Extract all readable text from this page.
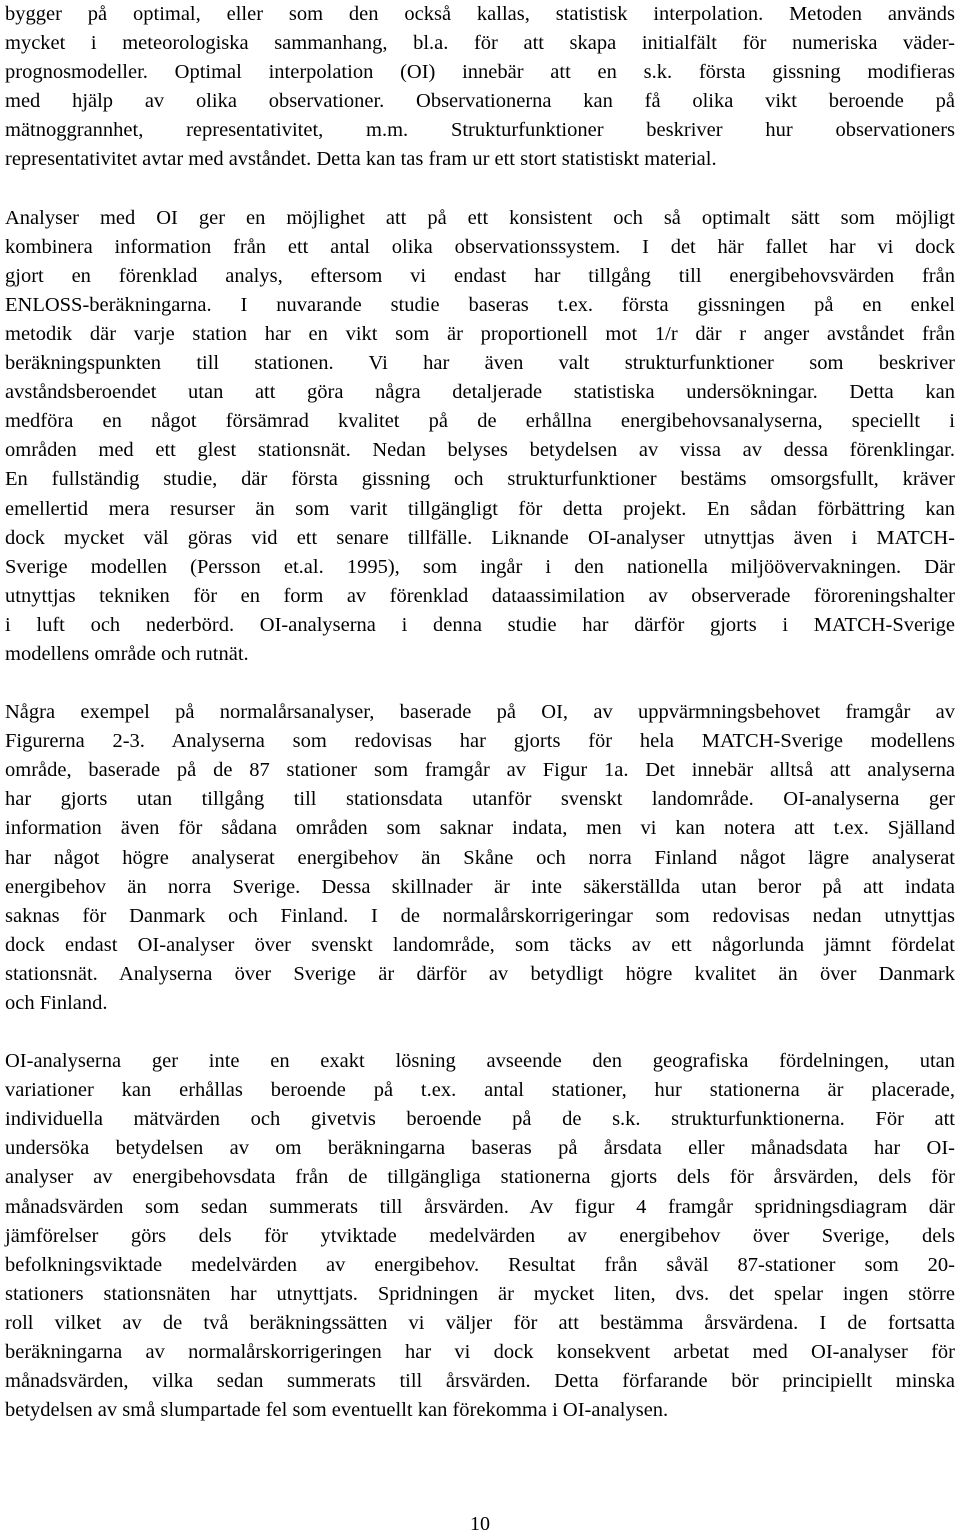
bygger på optimal, eller som den också kallas, statistisk interpolation. Metoden används
mycket i meteorologiska sammanhang, bl.a. för att skapa initialfält för numeriska väder-
prognosmodeller. Optimal interpolation (OI) innebär att en s.k. första gissning modifieras
med hjälp av olika observationer. Observationerna kan få olika vikt beroende på
mätnoggrannhet, representativitet, m.m. Strukturfunktioner beskriver hur observationers
representativitet avtar med avståndet. Detta kan tas fram ur ett stort statistiskt material.
Analyser med OI ger en möjlighet att på ett konsistent och så optimalt sätt som möjligt
kombinera information från ett antal olika observationssystem. I det här fallet har vi dock
gjort en förenklad analys, eftersom vi endast har tillgång till energibehovsvärden från
ENLOSS-beräkningarna. I nuvarande studie baseras t.ex. första gissningen på en enkel
metodik där varje station har en vikt som är proportionell mot 1/r där r anger avståndet från
beräkningspunkten till stationen. Vi har även valt strukturfunktioner som beskriver
avståndsberoendet utan att göra några detaljerade statistiska undersökningar. Detta kan
medföra en något försämrad kvalitet på de erhållna energibehovsanalyserna, speciellt i
områden med ett glest stationsnät. Nedan belyses betydelsen av vissa av dessa förenklingar.
En fullständig studie, där första gissning och strukturfunktioner bestäms omsorgsfullt, kräver
emellertid mera resurser än som varit tillgängligt för detta projekt. En sådan förbättring kan
dock mycket väl göras vid ett senare tillfälle. Liknande OI-analyser utnyttjas även i MATCH-
Sverige modellen (Persson et.al. 1995), som ingår i den nationella miljöövervakningen. Där
utnyttjas tekniken för en form av förenklad dataassimilation av observerade föroreningshalter
i luft och nederbörd. OI-analyserna i denna studie har därför gjorts i MATCH-Sverige
modellens område och rutnät.
Några exempel på normalårsanalyser, baserade på OI, av uppvärmningsbehovet framgår av
Figurerna 2-3. Analyserna som redovisas har gjorts för hela MATCH-Sverige modellens
område, baserade på de 87 stationer som framgår av Figur 1a. Det innebär alltså att analyserna
har gjorts utan tillgång till stationsdata utanför svenskt landområde. OI-analyserna ger
information även för sådana områden som saknar indata, men vi kan notera att t.ex. Själland
har något högre analyserat energibehov än Skåne och norra Finland något lägre analyserat
energibehov än norra Sverige. Dessa skillnader är inte säkerställda utan beror på att indata
saknas för Danmark och Finland. I de normalårskorrigeringar som redovisas nedan utnyttjas
dock endast OI-analyser över svenskt landområde, som täcks av ett någorlunda jämnt fördelat
stationsnät. Analyserna över Sverige är därför av betydligt högre kvalitet än över Danmark
och Finland.
OI-analyserna ger inte en exakt lösning avseende den geografiska fördelningen, utan
variationer kan erhållas beroende på t.ex. antal stationer, hur stationerna är placerade,
individuella mätvärden och givetvis beroende på de s.k. strukturfunktionerna. För att
undersöka betydelsen av om beräkningarna baseras på årsdata eller månadsdata har OI-
analyser av energibehovsdata från de tillgängliga stationerna gjorts dels för årsvärden, dels för
månadsvärden som sedan summerats till årsvärden. Av figur 4 framgår spridningsdiagram där
jämförelser görs dels för ytviktade medelvärden av energibehov över Sverige, dels
befolkningsviktade medelvärden av energibehov. Resultat från såväl 87-stationer som 20-
stationers stationsnäten har utnyttjats. Spridningen är mycket liten, dvs. det spelar ingen större
roll vilket av de två beräkningssätten vi väljer för att bestämma årsvärdena. I de fortsatta
beräkningarna av normalårskorrigeringen har vi dock konsekvent arbetat med OI-analyser för
månadsvärden, vilka sedan summerats till årsvärden. Detta förfarande bör principiellt minska
betydelsen av små slumpartade fel som eventuellt kan förekomma i OI-analysen.
10
